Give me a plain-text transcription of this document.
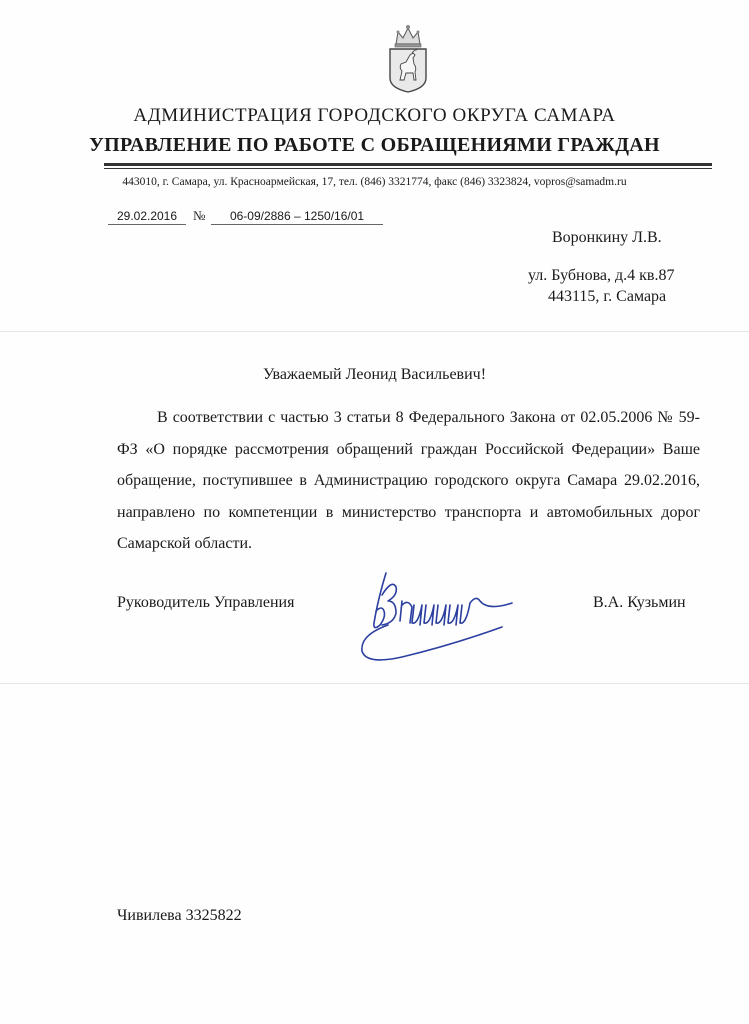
АДМИНИСТРАЦИЯ ГОРОДСКОГО ОКРУГА САМАРА
УПРАВЛЕНИЕ ПО РАБОТЕ С ОБРАЩЕНИЯМИ ГРАЖДАН
443010, г. Самара, ул. Красноармейская, 17, тел. (846) 3321774, факс (846) 3323824, vopros@samadm.ru
29.02.2016	№	06-09/2886 – 1250/16/01
Воронкину Л.В.
ул. Бубнова, д.4 кв.87
443115, г. Самара
Уважаемый Леонид Васильевич!

В соответствии с частью 3 статьи 8 Федерального Закона от 02.05.2006 № 59-ФЗ «О порядке рассмотрения обращений граждан Российской Федерации» Ваше обращение, поступившее в Администрацию городского округа Самара 29.02.2016, направлено по компетенции в министерство транспорта и автомобильных дорог Самарской области.

Руководитель Управления	В.А. Кузьмин
Чивилева 3325822
